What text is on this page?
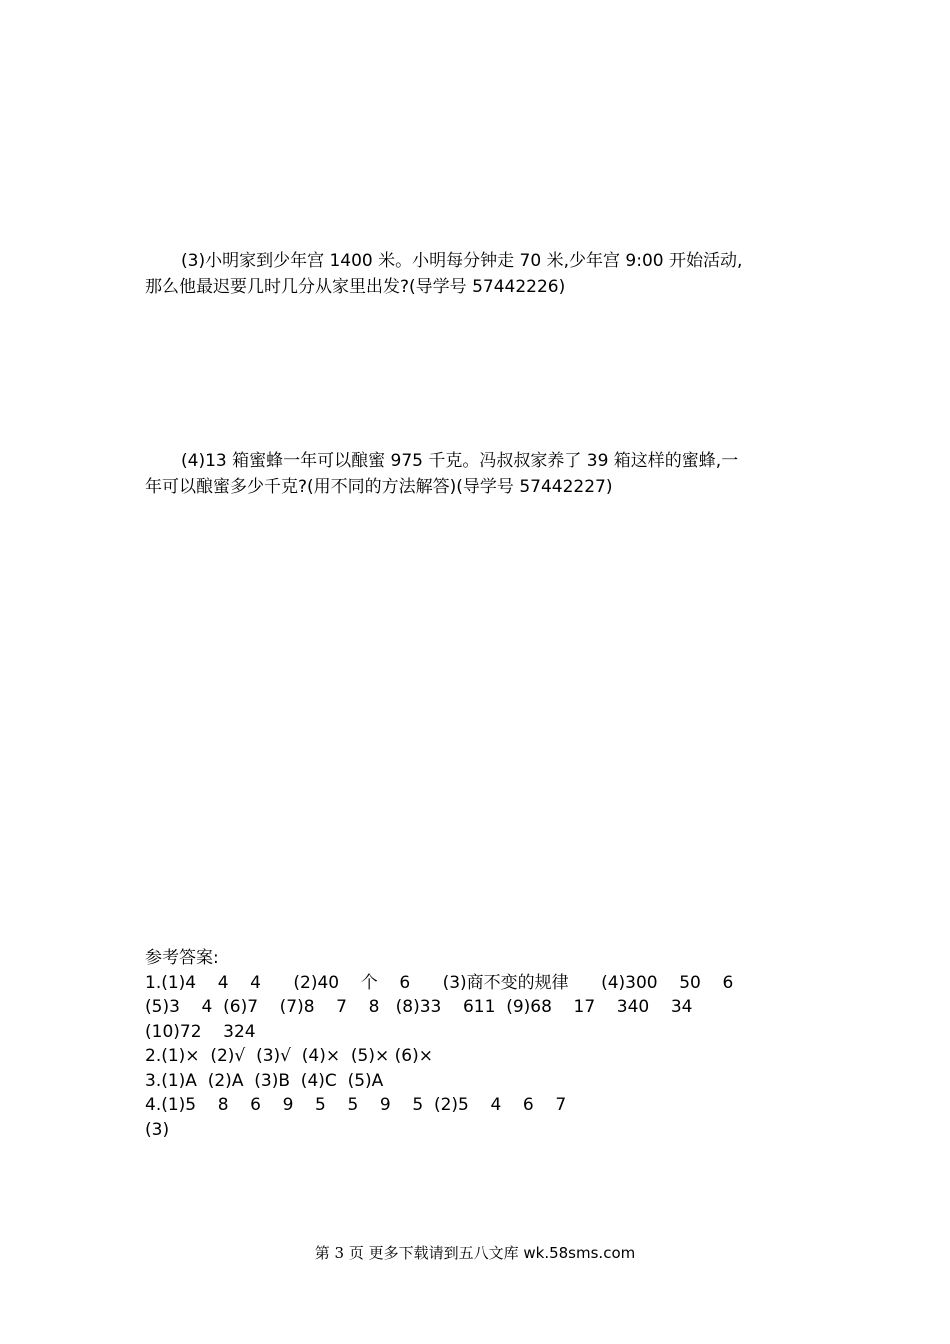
(3)小明家到少年宫 1400 米。小明每分钟走 70 米,少年宫 9:00 开始活动,
那么他最迟要几时几分从家里出发?(导学号 57442226)
(4)13 箱蜜蜂一年可以酿蜜 975 千克。冯叔叔家养了 39 箱这样的蜜蜂,一
年可以酿蜜多少千克?(用不同的方法解答)(导学号 57442227)
参考答案:
1.(1)4    4    4      (2)40    个    6      (3)商不变的规律      (4)300    50    6
(5)3    4  (6)7    (7)8    7    8   (8)33    611  (9)68    17    340    34
(10)72    324
2.(1)×  (2)√  (3)√  (4)×  (5)× (6)×
3.(1)A  (2)A  (3)B  (4)C  (5)A
4.(1)5    8    6    9    5    5    9    5  (2)5    4    6    7
(3)
第 3 页 更多下载请到五八文库 wk.58sms.com
